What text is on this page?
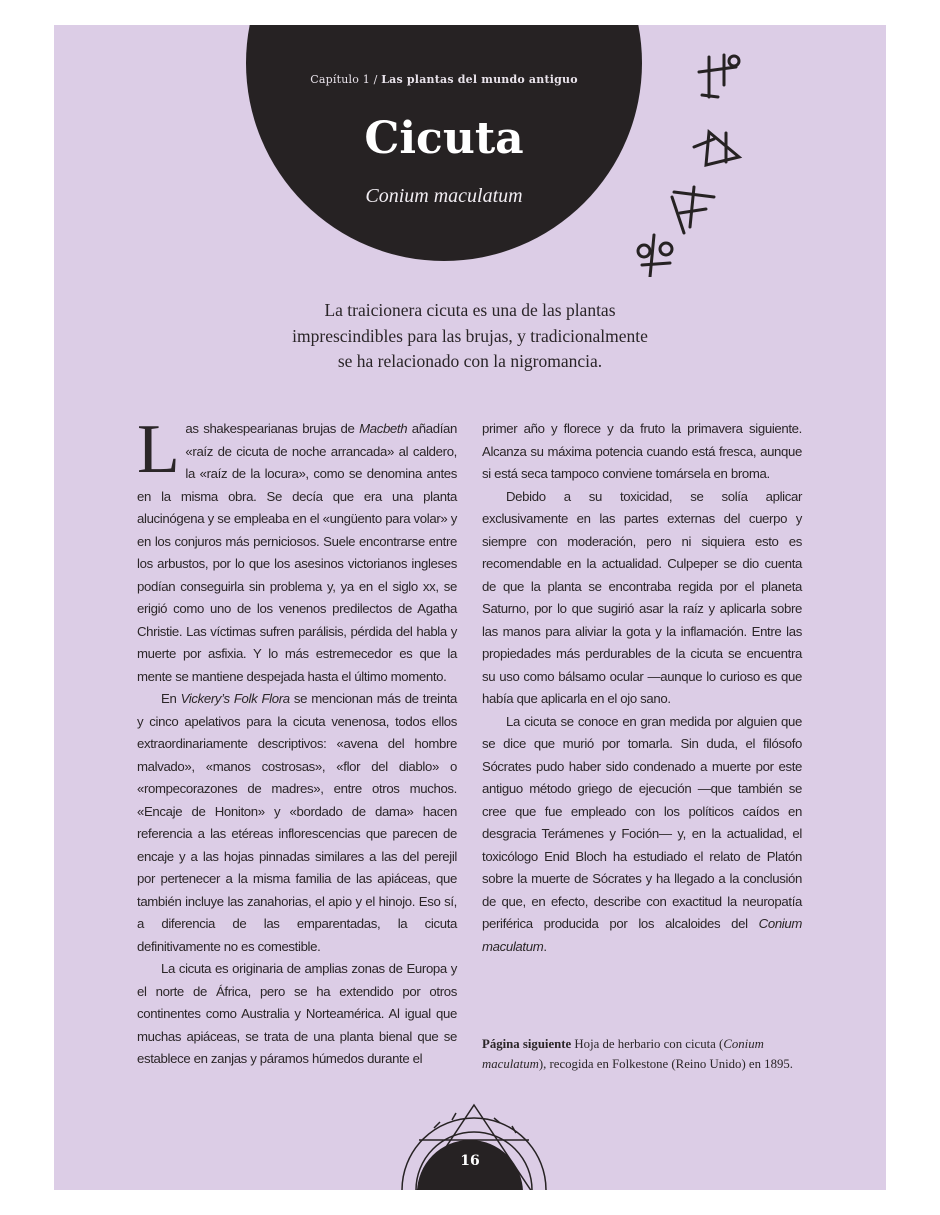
Capítulo 1 / Las plantas del mundo antiguo
Cicuta
Conium maculatum
La traicionera cicuta es una de las plantas
imprescindibles para las brujas, y tradicionalmente
se ha relacionado con la nigromancia.

Las shakespearianas brujas de Macbeth añadían «raíz de cicuta de noche arrancada» al caldero, la «raíz de la locura», como se denomina antes en la misma obra. Se decía que era una planta alucinógena y se empleaba en el «ungüento para volar» y en los conjuros más perniciosos. Suele encontrarse entre los arbustos, por lo que los asesinos victorianos ingleses podían conseguirla sin problema y, ya en el siglo xx, se erigió como uno de los venenos predilectos de Agatha Christie. Las víctimas sufren parálisis, pérdida del habla y muerte por asfixia. Y lo más estremecedor es que la mente se mantiene despejada hasta el último momento.

En Vickery’s Folk Flora se mencionan más de treinta y cinco apelativos para la cicuta venenosa, todos ellos extraordinariamente descriptivos: «avena del hombre malvado», «manos costrosas», «flor del diablo» o «rompecorazones de madres», entre otros muchos. «Encaje de Honiton» y «bordado de dama» hacen referencia a las etéreas inflorescencias que parecen de encaje y a las hojas pinnadas similares a las del perejil por pertenecer a la misma familia de las apiáceas, que también incluye las zanahorias, el apio y el hinojo. Eso sí, a diferencia de las emparentadas, la cicuta definitivamente no es comestible.

La cicuta es originaria de amplias zonas de Europa y el norte de África, pero se ha extendido por otros continentes como Australia y Norteamérica. Al igual que muchas apiáceas, se trata de una planta bienal que se establece en zanjas y páramos húmedos durante el

primer año y florece y da fruto la primavera siguiente. Alcanza su máxima potencia cuando está fresca, aunque si está seca tampoco conviene tomársela en broma.

Debido a su toxicidad, se solía aplicar exclusivamente en las partes externas del cuerpo y siempre con moderación, pero ni siquiera esto es recomendable en la actualidad. Culpeper se dio cuenta de que la planta se encontraba regida por el planeta Saturno, por lo que sugirió asar la raíz y aplicarla sobre las manos para aliviar la gota y la inflamación. Entre las propiedades más perdurables de la cicuta se encuentra su uso como bálsamo ocular —aunque lo curioso es que había que aplicarla en el ojo sano.

La cicuta se conoce en gran medida por alguien que se dice que murió por tomarla. Sin duda, el filósofo Sócrates pudo haber sido condenado a muerte por este antiguo método griego de ejecución —que también se cree que fue empleado con los políticos caídos en desgracia Terámenes y Foción— y, en la actualidad, el toxicólogo Enid Bloch ha estudiado el relato de Platón sobre la muerte de Sócrates y ha llegado a la conclusión de que, en efecto, describe con exactitud la neuropatía periférica producida por los alcaloides del Conium maculatum.

Página siguiente Hoja de herbario con cicuta (Conium maculatum), recogida en Folkestone (Reino Unido) en 1895.
16
